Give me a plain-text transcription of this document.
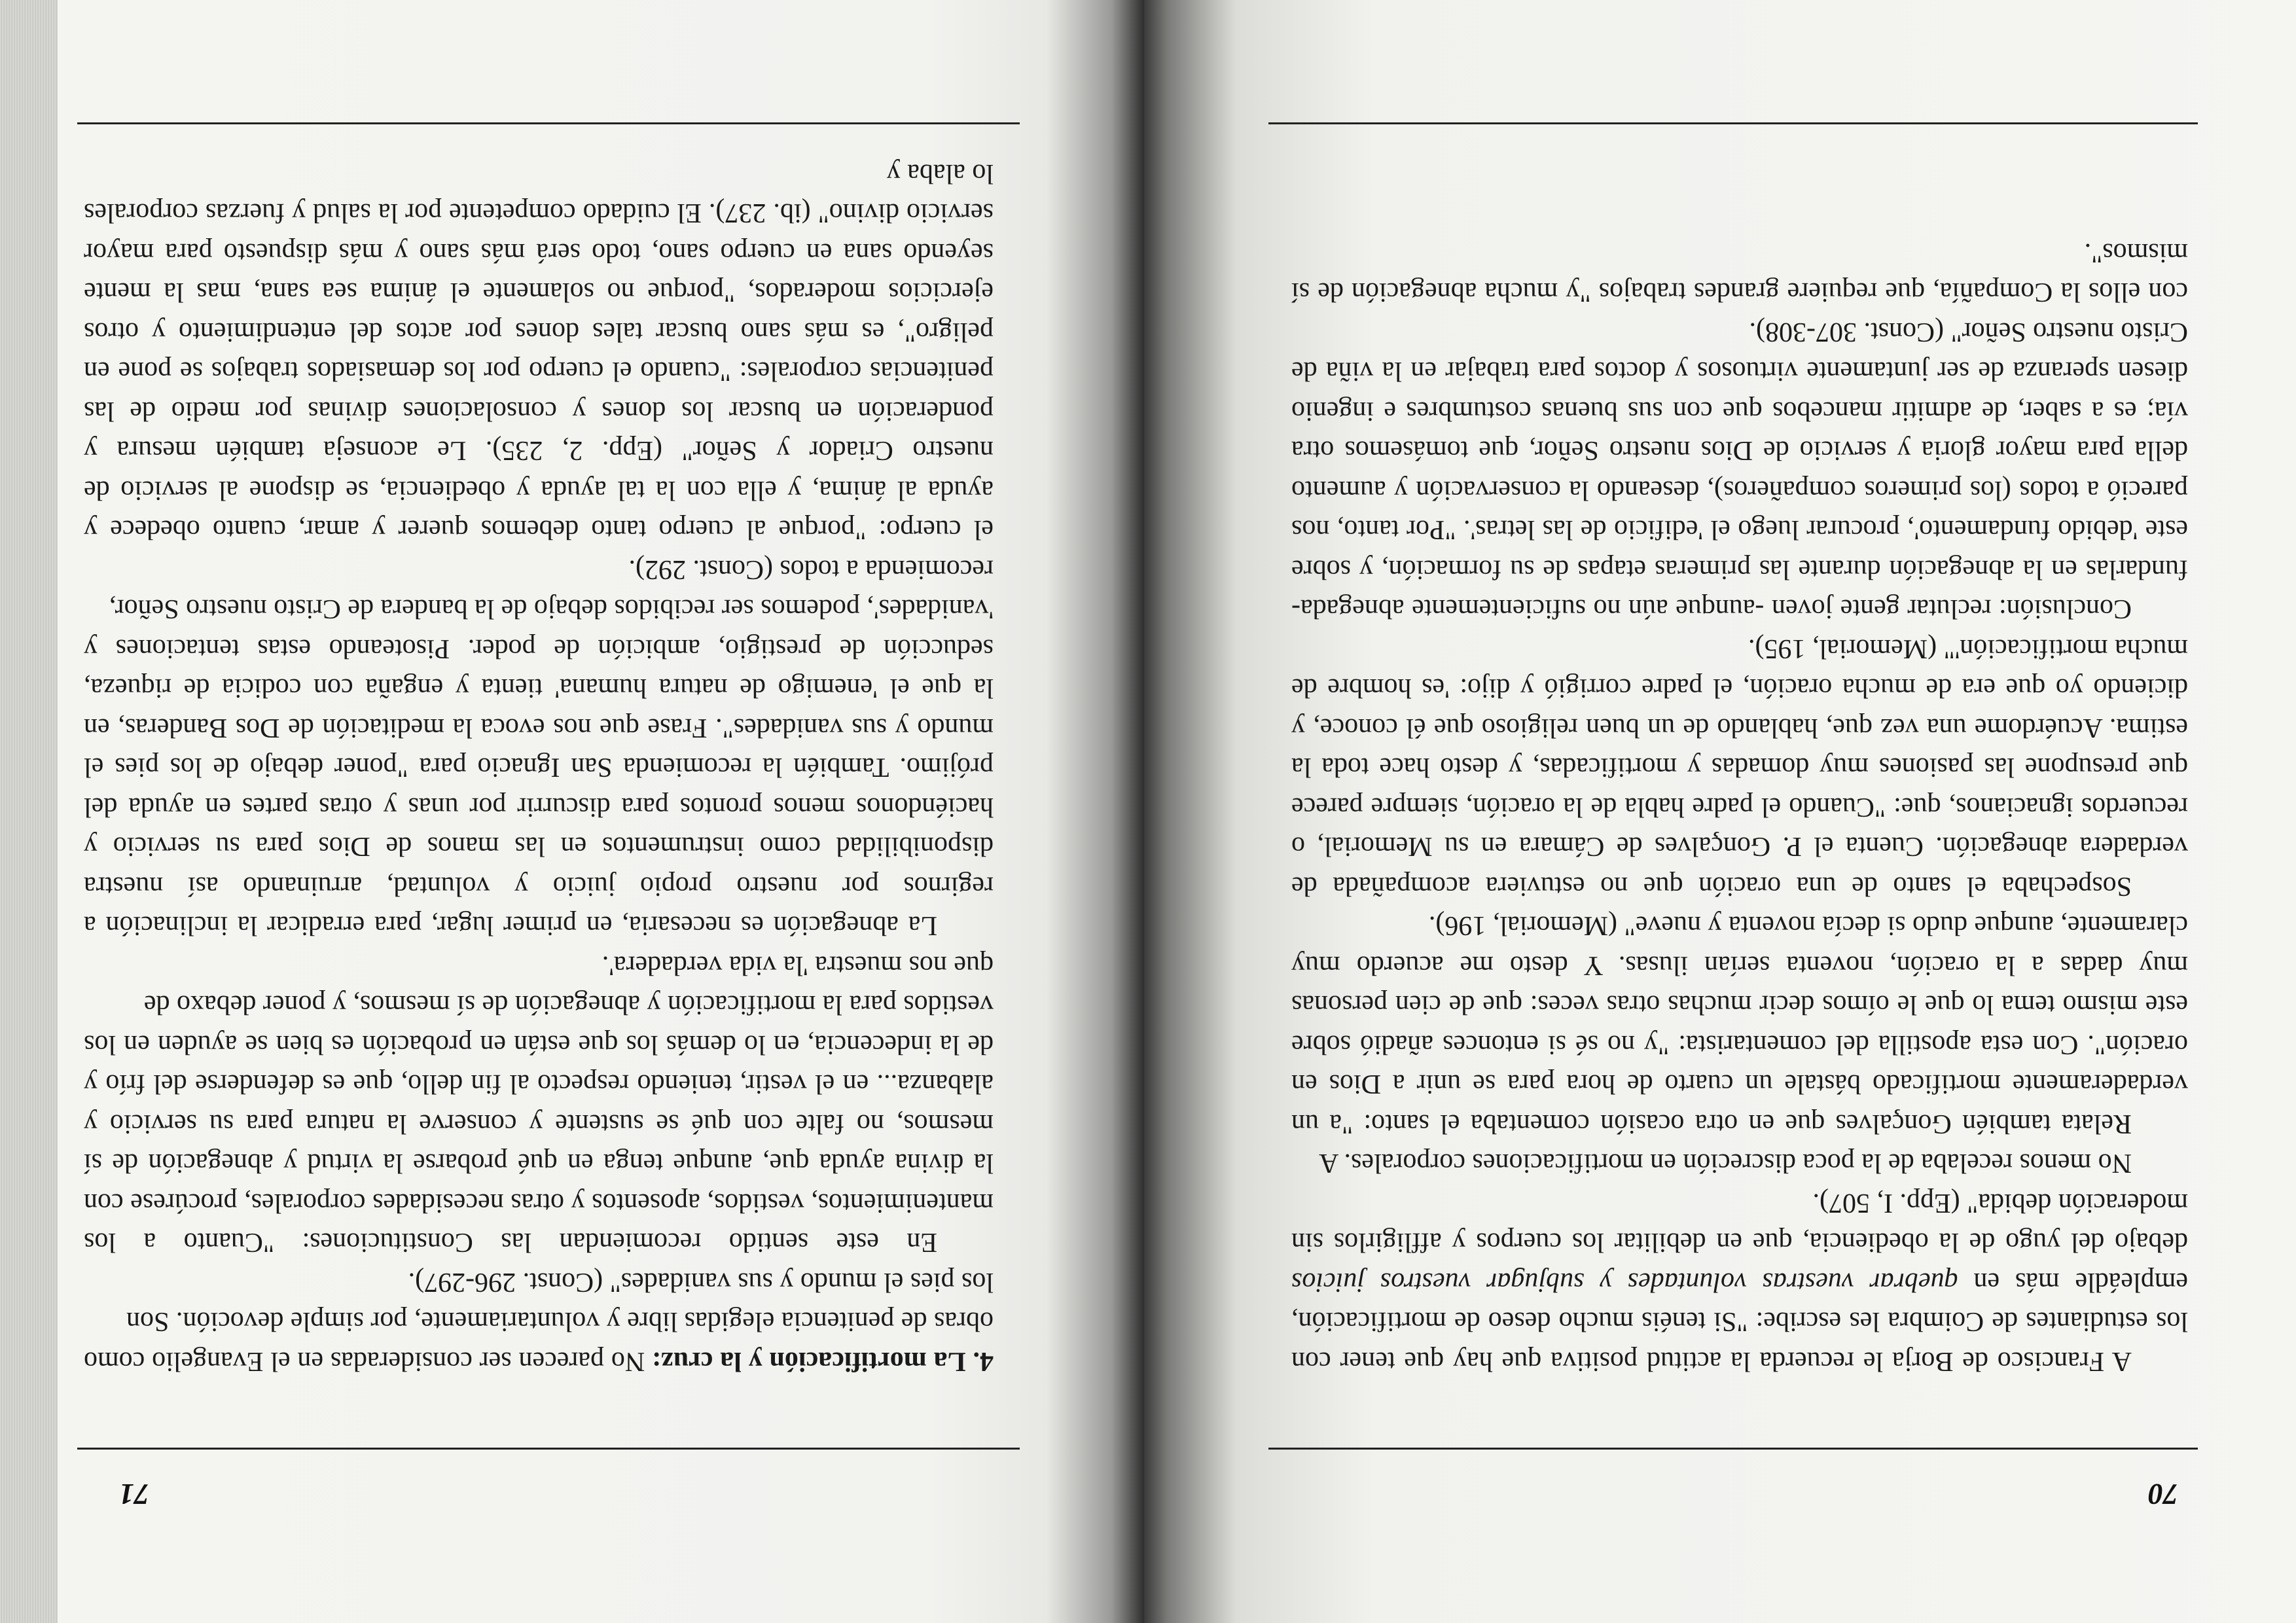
70

A Francisco de Borja le recuerda la actitud positiva que hay que tener con los estudiantes de Coimbra les escribe: "Si tenéis mucho deseo de mortificación, empleádle más en quebrar vuestras voluntades y subjugar vuestros juicios debajo del yugo de la obediencia, que en debilitar los cuerpos y affligirlos sin moderación debida" (Epp. I, 507).

No menos recelaba de la poca discreción en mortificaciones corporales. A

Relata también Gonçalves que en otra ocasión comentaba el santo: "a un verdaderamente mortificado bástale un cuarto de hora para se unir a Dios en oración". Con esta apostilla del comentarista: "y no sé si entonces añadió sobre este mismo tema lo que le oímos decir muchas otras veces: que de cien personas muy dadas a la oración, noventa serían ilusas. Y desto me acuerdo muy claramente, aunque dudo si decía noventa y nueve" (Memorial, 196).

Sospechaba el santo de una oración que no estuviera acompañada de verdadera abnegación. Cuenta el P. Gonçalves de Cámara en su Memorial, o recuerdos ignacianos, que: "Cuando el padre habla de la oración, siempre parece que presupone las pasiones muy domadas y mortificadas, y desto hace toda la estima. Acuérdome una vez que, hablando de un buen religioso que él conoce, y diciendo yo que era de mucha oración, el padre corrigió y dijo: 'es hombre de mucha mortificación'" (Memorial, 195).

Conclusión: reclutar gente joven -aunque aún no suficientemente abnegada- fundarlas en la abnegación durante las primeras etapas de su formación, y sobre este 'debido fundamento', procurar luego el 'edificio de las letras'. "Por tanto, nos pareció a todos (los primeros compañeros), deseando la conservación y aumento della para mayor gloria y servicio de Dios nuestro Señor, que tomásemos otra vía; es a saber, de admitir mancebos que con sus buenas costumbres e ingenio diesen speranza de ser juntamente virtuosos y doctos para trabajar en la viña de Cristo nuestro Señor" (Const. 307-308).

con ellos la Compañía, que requiere grandes trabajos "y mucha abnegación de sí mismos".

71

4. La mortificación y la cruz: No parecen ser consideradas en el Evangelio como obras de penitencia elegidas libre y voluntariamente, por simple devoción. Son

los pies el mundo y sus vanidades" (Const. 296-297).

En este sentido recomiendan las Constituciones: "Cuanto a los mantenimientos, vestidos, aposentos y otras necesidades corporales, procúrese con la divina ayuda que, aunque tenga en qué probarse la virtud y abnegación de sí mesmos, no falte con qué se sustente y conserve la natura para su servicio y alabanza... en el vestir, teniendo respecto al fin dello, que es defenderse del frío y de la indecencia, en lo demás los que están en probación es bien se ayuden en los vestidos para la mortificación y abnegación de sí mesmos, y poner debaxo de

que nos muestra 'la vida verdadera'.

La abnegación es necesaria, en primer lugar, para erradicar la inclinación a regirnos por nuestro propio juicio y voluntad, arruinando así nuestra disponibilidad como instrumentos en las manos de Dios para su servicio y haciéndonos menos prontos para discurrir por unas y otras partes en ayuda del prójimo. También la recomienda San Ignacio para "poner debajo de los pies el mundo y sus vanidades". Frase que nos evoca la meditación de Dos Banderas, en la que el 'enemigo de natura humana' tienta y engaña con codicia de riqueza, seducción de prestigio, ambición de poder. Pisoteando estas tentaciones y 'vanidades', podemos ser recibidos debajo de la bandera de Cristo nuestro Señor,

recomienda a todos (Const. 292).

el cuerpo: "porque al cuerpo tanto debemos querer y amar, cuanto obedece y ayuda al ánima, y ella con la tal ayuda y obediencia, se dispone al servicio de nuestro Criador y Señor" (Epp. 2, 235). Le aconseja también mesura y ponderación en buscar los dones y consolaciones divinas por medio de las penitencias corporales: "cuando el cuerpo por los demasiados trabajos se pone en peligro", es más sano buscar tales dones por actos del entendimiento y otros ejercicios moderados, "porque no solamente el ánima sea sana, mas la mente seyendo sana en cuerpo sano, todo será más sano y más dispuesto para mayor servicio divino" (ib. 237). El cuidado competente por la salud y fuerzas corporales lo alaba y
